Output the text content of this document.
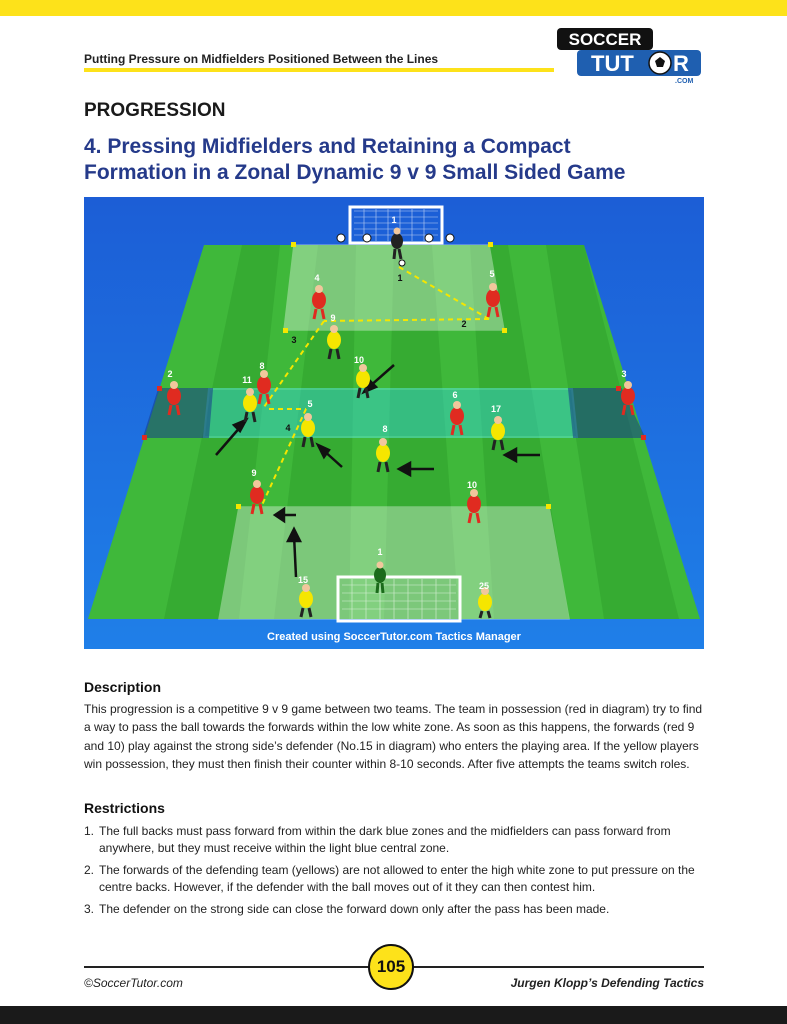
Putting Pressure on Midfielders Positioned Between the Lines
SOCCER
TUT R
.COM
PROGRESSION
4. Pressing Midfielders and Retaining a Compact
Formation in a Zonal Dynamic 9 v 9 Small Sided Game
1
4	5
8
2	3
6
9
10
9
10
11
5	17
8
15
25
1
1
2
3
4
Created using SoccerTutor.com Tactics Manager
Description
This progression is a competitive 9 v 9 game between two teams. The team in possession (red in diagram) try to find a way to pass the ball towards the forwards within the low white zone. As soon as this happens, the forwards (red 9 and 10) play against the strong side’s defender (No.15 in diagram) who enters the playing area. If the yellow players win possession, they must then finish their counter within 8-10 seconds. After five attempts the teams switch roles.
Restrictions
1. The full backs must pass forward from within the dark blue zones and the midfielders can pass forward from anywhere, but they must receive within the light blue central zone.
2. The forwards of the defending team (yellows) are not allowed to enter the high white zone to put pressure on the centre backs. However, if the defender with the ball moves out of it they can then contest him.
3. The defender on the strong side can close the forward down only after the pass has been made.
105
©SoccerTutor.com	Jurgen Klopp’s Defending Tactics
